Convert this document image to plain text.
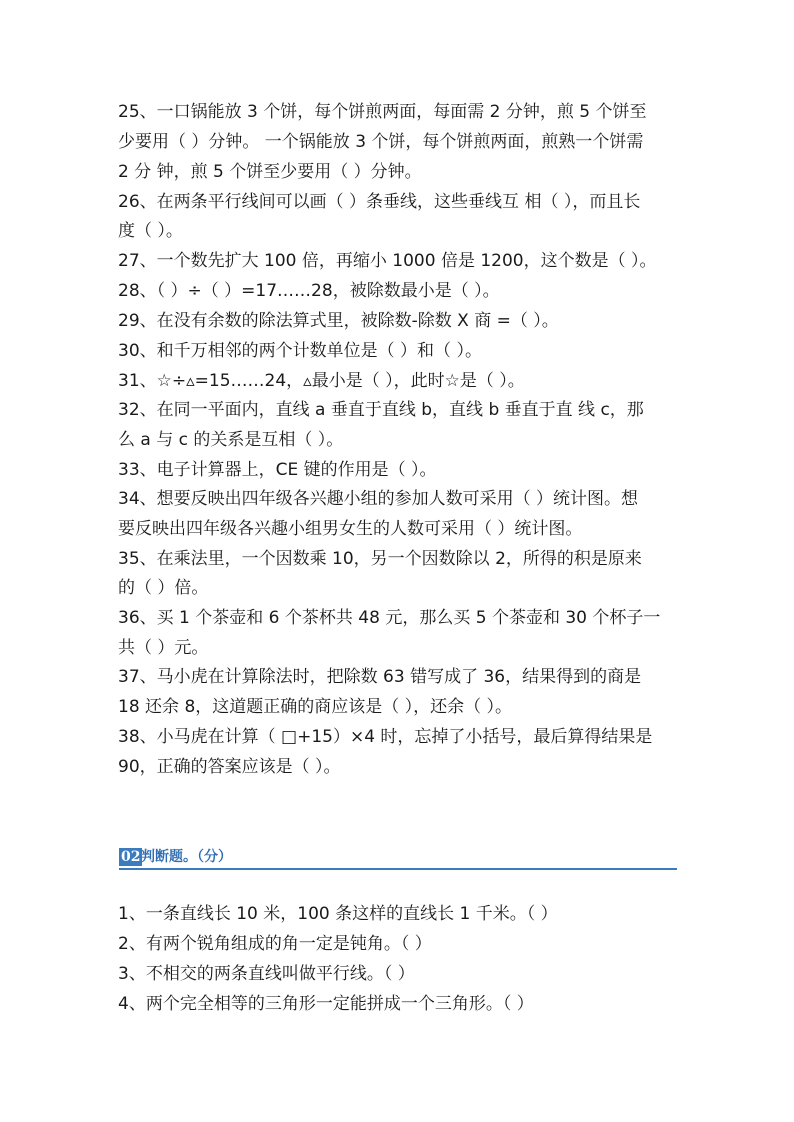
25、一口锅能放 3 个饼，每个饼煎两面，每面需 2 分钟，煎 5 个饼至
少要用（ ）分钟。 一个锅能放 3 个饼，每个饼煎两面，煎熟一个饼需
2 分 钟，煎 5 个饼至少要用（ ）分钟。
26、在两条平行线间可以画（ ）条垂线，这些垂线互 相（ ），而且长
度（ ）。
27、一个数先扩大 100 倍，再缩小 1000 倍是 1200，这个数是（ ）。
28、（ ）÷（ ）=17……28，被除数最小是（ ）。
29、在没有余数的除法算式里，被除数-除数 X 商 =（ ）。
30、和千万相邻的两个计数单位是（ ）和（ ）。
31、☆÷▵=15……24，▵最小是（ ），此时☆是（ ）。
32、在同一平面内，直线 a 垂直于直线 b，直线 b 垂直于直 线 c，那
么 a 与 c 的关系是互相（ ）。
33、电子计算器上，CE 键的作用是（ ）。
34、想要反映出四年级各兴趣小组的参加人数可采用（ ）统计图。想
要反映出四年级各兴趣小组男女生的人数可采用（ ）统计图。
35、在乘法里，一个因数乘 10，另一个因数除以 2，所得的积是原来
的（ ）倍。
36、买 1 个茶壶和 6 个茶杯共 48 元，那么买 5 个茶壶和 30 个杯子一
共（ ）元。
37、马小虎在计算除法时，把除数 63 错写成了 36，结果得到的商是
18 还余 8，这道题正确的商应该是（ ），还余（ ）。
38、小马虎在计算（ □+15）×4 时，忘掉了小括号，最后算得结果是
90，正确的答案应该是（ ）。
02 判断题。（分）
1、一条直线长 10 米，100 条这样的直线长 1 千米。（ ）
2、有两个锐角组成的角一定是钝角。（ ）
3、不相交的两条直线叫做平行线。（ ）
4、两个完全相等的三角形一定能拼成一个三角形。（ ）
